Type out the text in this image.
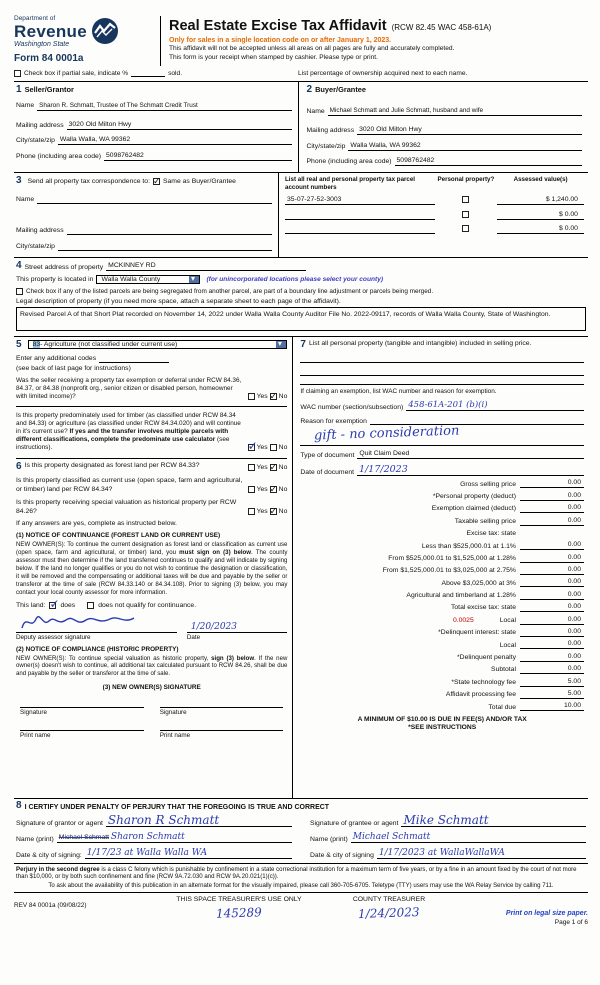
Department of
Revenue
Washington State
Form 84 0001a
Real Estate Excise Tax Affidavit (RCW 82.45 WAC 458-61A)
Only for sales in a single location code on or after January 1, 2023.
This affidavit will not be accepted unless all areas on all pages are fully and accurately completed.
This form is your receipt when stamped by cashier. Please type or print.
Check box if partial sale, indicate %	sold.	List percentage of ownership acquired next to each name.
1 Seller/Grantor
Name Sharon R. Schmatt, Trustee of The Schmatt Credit Trust
Mailing address 3020 Old Milton Hwy
City/state/zip Walla Walla, WA 99362
Phone (including area code) 5098762482
2 Buyer/Grantee
Name Michael Schmatt and Julie Schmatt, husband and wife
Mailing address 3020 Old Milton Hwy
City/state/zip Walla Walla, WA 99362
Phone (including area code) 5098762482
3 Send all property tax correspondence to: ✓ Same as Buyer/Grantee
Name
Mailing address
City/state/zip
List all real and personal property tax parcel account numbers
Personal property?	Assessed value(s)
35-07-27-52-3003	$ 1,240.00
$ 0.00
$ 0.00
4 Street address of property MCKINNEY RD
This property is located in	Walla Walla County ▾	(for unincorporated locations please select your county)
Check box if any of the listed parcels are being segregated from another parcel, are part of a boundary line adjustment or parcels being merged.
Legal description of property (if you need more space, attach a separate sheet to each page of the affidavit).
Revised Parcel A of that Short Plat recorded on November 14, 2022 under Walla Walla County Auditor File No. 2022-09117, records of Walla Walla County, State of Washington.
5	83- Agriculture (not classified under current use)
▾
Enter any additional codes
(see back of last page for instructions)
Was the seller receiving a property tax exemption or deferral under RCW 84.36, 84.37, or 84.38 (nonprofit org., senior citizen or disabled person, homeowner with limited income)?	Yes ✓ No
Is this property predominately used for timber (as classified under RCW 84.34 and 84.33) or agriculture (as classified under RCW 84.34.020) and will continue in it's current use? If yes and the transfer involves multiple parcels with different classifications, complete the predominate use calculator (see instructions). ✓	Yes No
6 Is this property designated as forest land per RCW 84.33?	Yes ✓ No
Is this property classified as current use (open space, farm and agricultural, or timber) land per RCW 84.34?	Yes ✓ No
Is this property receiving special valuation as historical property per RCW 84.26?	Yes ✓ No
If any answers are yes, complete as instructed below.
(1) NOTICE OF CONTINUANCE (FOREST LAND OR CURRENT USE)
NEW OWNER(S): To continue the current designation as forest land or classification as current use (open space, farm and agricultural, or timber) land, you must sign on (3) below. The county assessor must then determine if the land transferred continues to qualify and will indicate by signing below. If the land no longer qualifies or you do not wish to continue the designation or classification, it will be removed and the compensating or additional taxes will be due and payable by the seller or transferor at the time of sale (RCW 84.33.140 or 84.34.108). Prior to signing (3) below, you may contact your local county assessor for more information.
This land: ✓ does	does not qualify for continuance.
1/20/2023
Deputy assessor signature	Date
(2) NOTICE OF COMPLIANCE (HISTORIC PROPERTY)
NEW OWNER(S): To continue special valuation as historic property, sign (3) below. If the new owner(s) doesn't wish to continue, all additional tax calculated pursuant to RCW 84.26, shall be due and payable by the seller or transferor at the time of sale.
(3) NEW OWNER(S) SIGNATURE
Signature	Signature
Print name	Print name
7 List all personal property (tangible and intangible) included in selling price.
If claiming an exemption, list WAC number and reason for exemption.
WAC number (section/subsection) 458-61A-201 (b)(i)
Reason for exemption
gift - no consideration
Type of document Quit Claim Deed
Date of document 1/17/2023
Gross selling price	0.00
*Personal property (deduct)	0.00
Exemption claimed (deduct)	0.00
Taxable selling price	0.00
Excise tax: state
Less than $525,000.01 at 1.1%	0.00
From $525,000.01 to $1,525,000 at 1.28%	0.00
From $1,525,000.01 to $3,025,000 at 2.75%	0.00
Above $3,025,000 at 3%	0.00
Agricultural and timberland at 1.28%	0.00
Total excise tax: state	0.00
0.0025	Local	0.00
*Delinquent interest: state	0.00
Local	0.00
*Delinquent penalty	0.00
Subtotal	0.00
*State technology fee	5.00
Affidavit processing fee	5.00
Total due	10.00
A MINIMUM OF $10.00 IS DUE IN FEE(S) AND/OR TAX
*SEE INSTRUCTIONS
8 I CERTIFY UNDER PENALTY OF PERJURY THAT THE FOREGOING IS TRUE AND CORRECT
Signature of grantor or agent Sharon R Schmatt
Name (print) Michael Schmatt Sharon Schmatt
Date & city of signing: 1/17/23 at Walla Walla WA
Signature of grantee or agent Mike Schmatt
Name (print) Michael Schmatt
Date & city of signing 1/17/2023 at WallaWallaWA
Perjury in the second degree is a class C felony which is punishable by confinement in a state correctional institution for a maximum term of five years, or by a fine in an amount fixed by the court of not more than $10,000, or by both such confinement and fine (RCW 9A.72.030 and RCW 9A.20.021(1)(c)).
To ask about the availability of this publication in an alternate format for the visually impaired, please call 360-705-6705. Teletype (TTY) users may use the WA Relay Service by calling 711.
REV 84 0001a (09/08/22)
THIS SPACE TREASURER'S USE ONLY
145289
COUNTY TREASURER
1/24/2023	Print on legal size paper.
Page 1 of 6
